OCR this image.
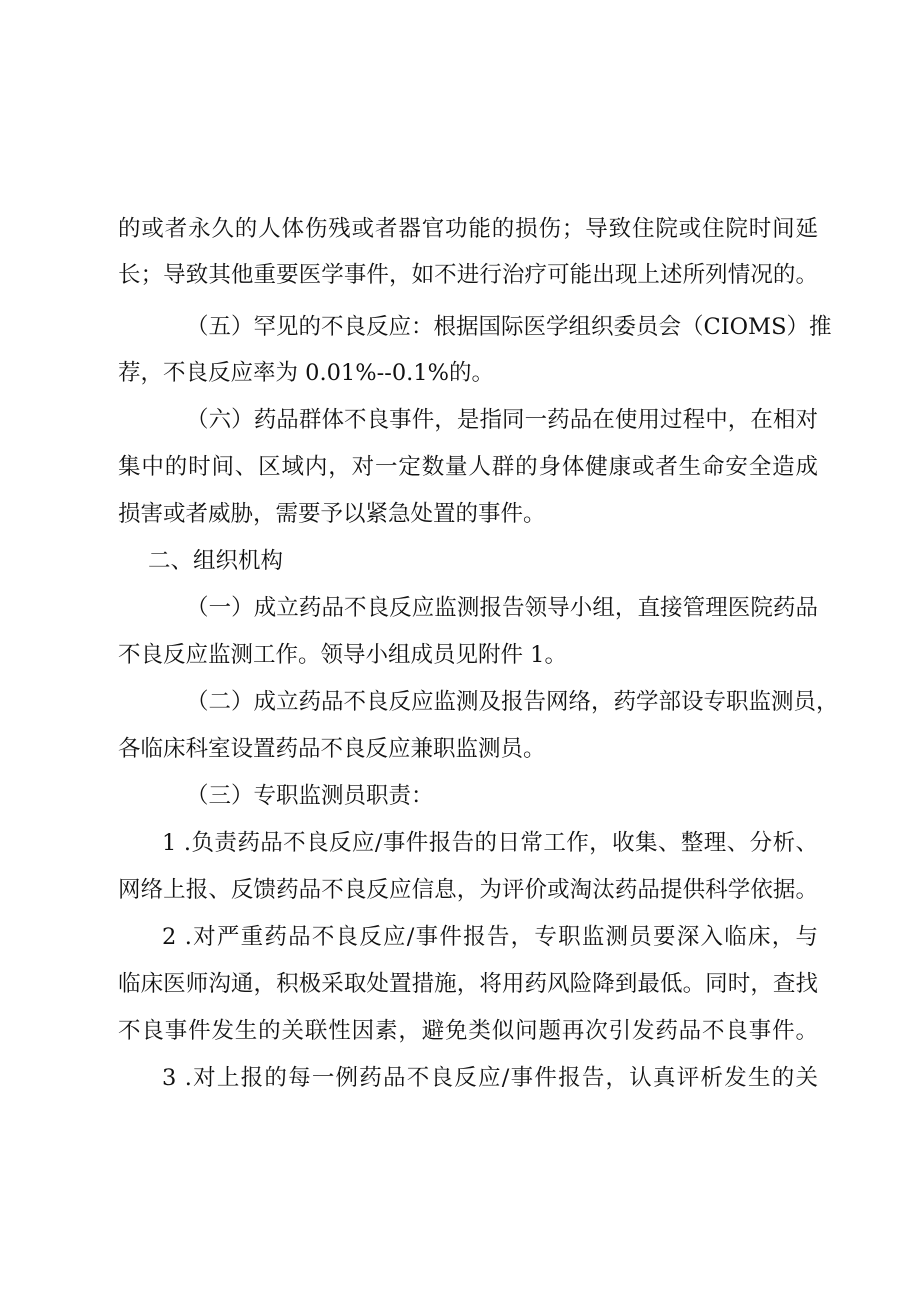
的或者永久的人体伤残或者器官功能的损伤；导致住院或住院时间延

长；导致其他重要医学事件，如不进行治疗可能出现上述所列情况的。

（五）罕见的不良反应：根据国际医学组织委员会（CIOMS）推

荐，不良反应率为 0.01%--0.1%的。

（六）药品群体不良事件，是指同一药品在使用过程中，在相对

集中的时间、区域内，对一定数量人群的身体健康或者生命安全造成

损害或者威胁，需要予以紧急处置的事件。

二、组织机构

（一）成立药品不良反应监测报告领导小组，直接管理医院药品

不良反应监测工作。领导小组成员见附件 1。

（二）成立药品不良反应监测及报告网络，药学部设专职监测员，

各临床科室设置药品不良反应兼职监测员。

（三）专职监测员职责：

1 .负责药品不良反应/事件报告的日常工作，收集、整理、分析、

网络上报、反馈药品不良反应信息，为评价或淘汰药品提供科学依据。

2 .对严重药品不良反应/事件报告，专职监测员要深入临床，与

临床医师沟通，积极采取处置措施，将用药风险降到最低。同时，查找

不良事件发生的关联性因素，避免类似问题再次引发药品不良事件。

3 .对上报的每一例药品不良反应/事件报告，认真评析发生的关
